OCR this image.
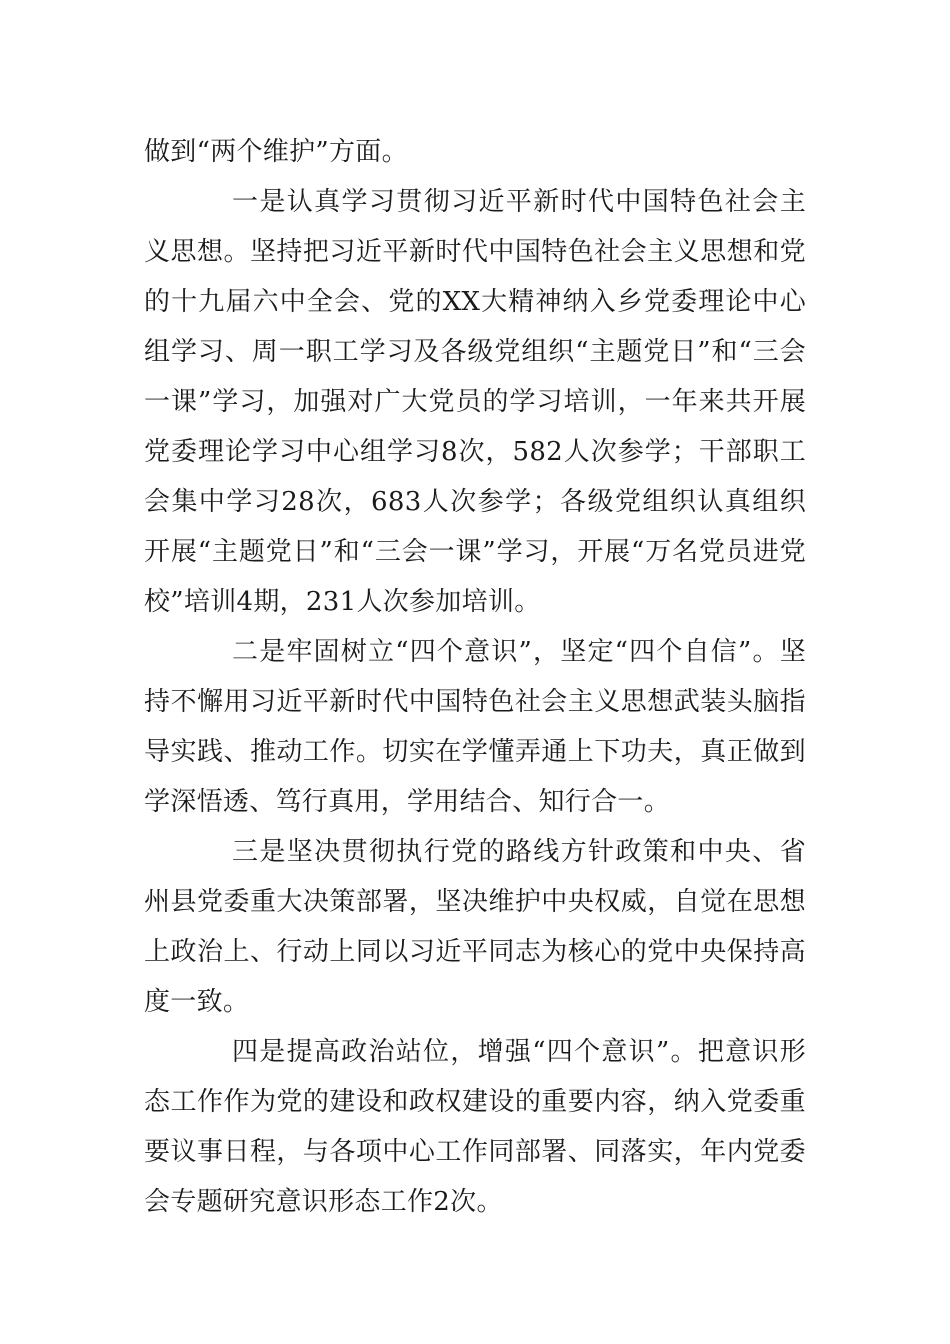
做到“两个维护”方面。

一是认真学习贯彻习近平新时代中国特色社会主义思想。坚持把习近平新时代中国特色社会主义思想和党的十九届六中全会、党的XX大精神纳入乡党委理论中心组学习、周一职工学习及各级党组织“主题党日”和“三会一课”学习，加强对广大党员的学习培训，一年来共开展党委理论学习中心组学习8次，582人次参学；干部职工会集中学习28次，683人次参学；各级党组织认真组织开展“主题党日”和“三会一课”学习，开展“万名党员进党校”培训4期，231人次参加培训。

二是牢固树立“四个意识”，坚定“四个自信”。坚持不懈用习近平新时代中国特色社会主义思想武装头脑指导实践、推动工作。切实在学懂弄通上下功夫，真正做到学深悟透、笃行真用，学用结合、知行合一。

三是坚决贯彻执行党的路线方针政策和中央、省州县党委重大决策部署，坚决维护中央权威，自觉在思想上政治上、行动上同以习近平同志为核心的党中央保持高度一致。

四是提高政治站位，增强“四个意识”。把意识形态工作作为党的建设和政权建设的重要内容，纳入党委重要议事日程，与各项中心工作同部署、同落实，年内党委会专题研究意识形态工作2次。
